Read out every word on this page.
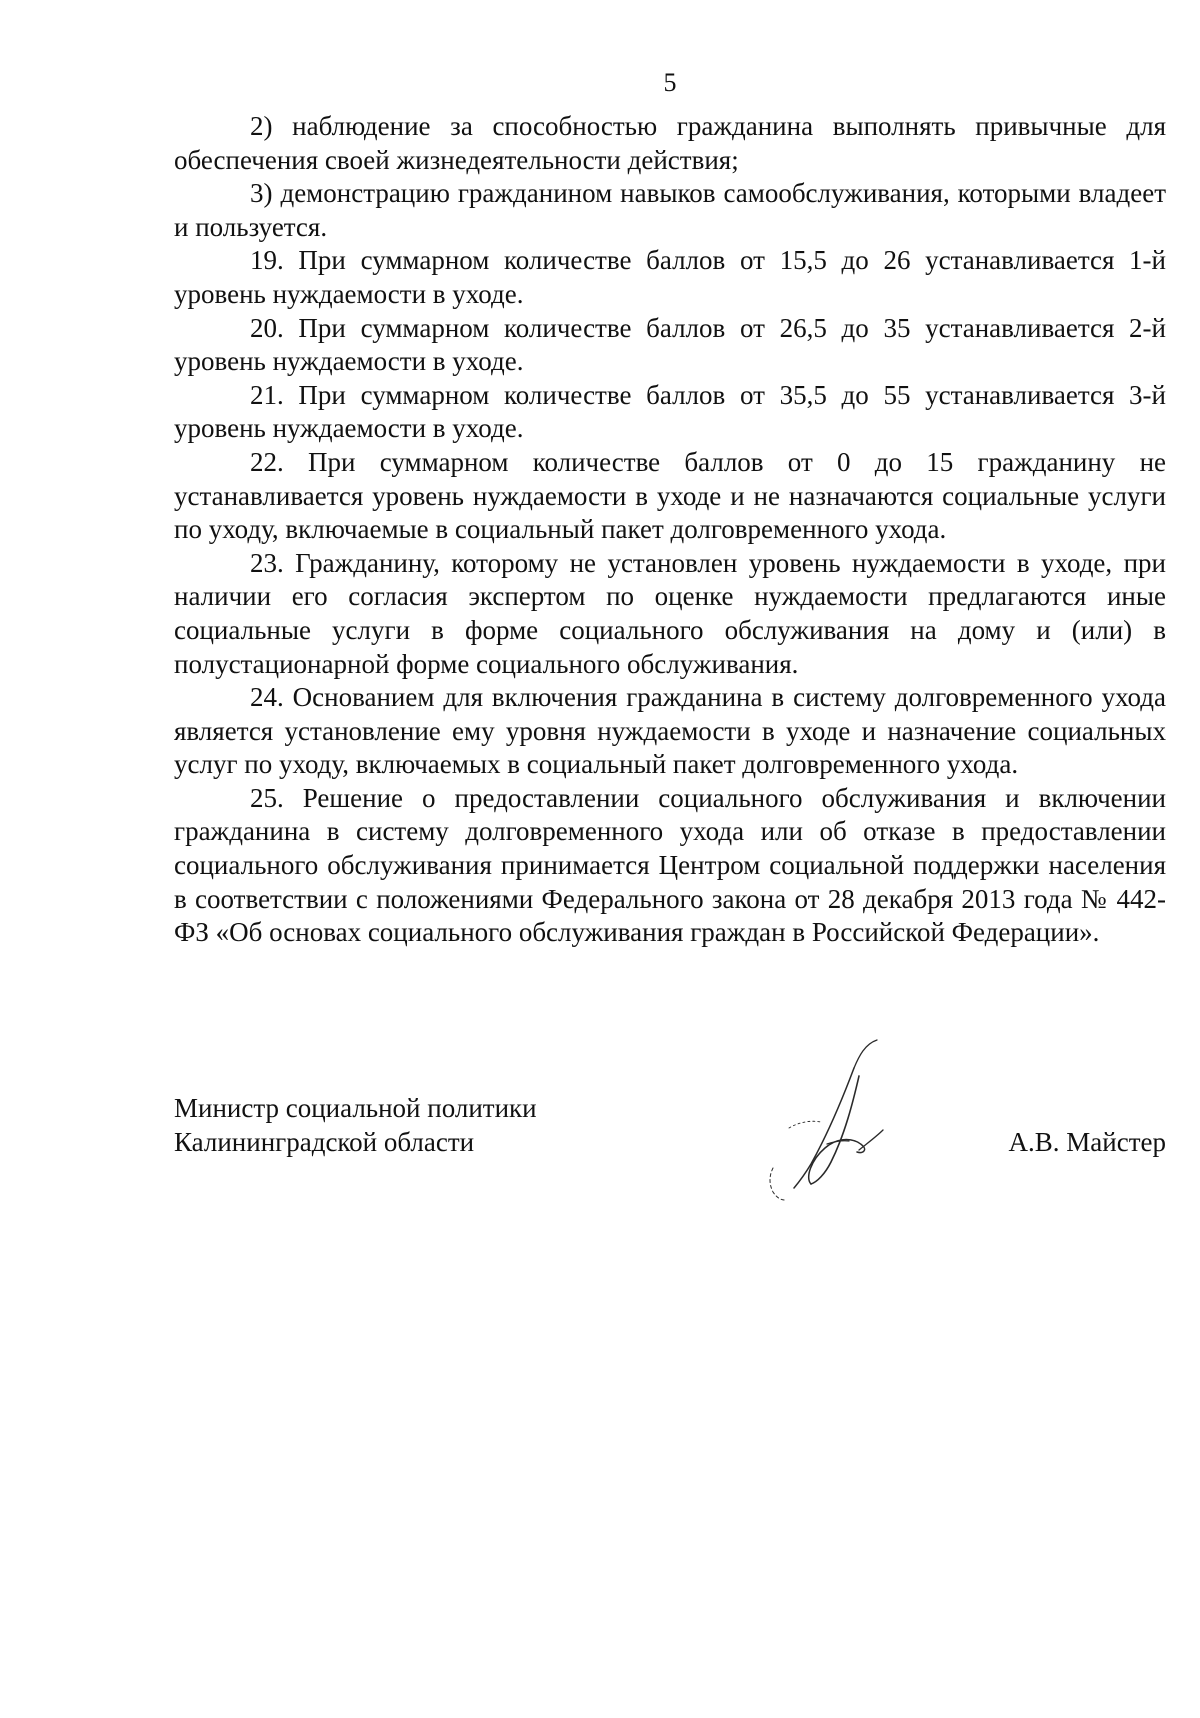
5

2) наблюдение за способностью гражданина выполнять привычные для обеспечения своей жизнедеятельности действия;

3) демонстрацию гражданином навыков самообслуживания, которыми владеет и пользуется.

19. При суммарном количестве баллов от 15,5 до 26 устанавливается 1-й уровень нуждаемости в уходе.

20. При суммарном количестве баллов от 26,5 до 35 устанавливается 2-й уровень нуждаемости в уходе.

21. При суммарном количестве баллов от 35,5 до 55 устанавливается 3-й уровень нуждаемости в уходе.

22. При суммарном количестве баллов от 0 до 15 гражданину не устанавливается уровень нуждаемости в уходе и не назначаются социальные услуги по уходу, включаемые в социальный пакет долговременного ухода.

23. Гражданину, которому не установлен уровень нуждаемости в уходе, при наличии его согласия экспертом по оценке нуждаемости предлагаются иные социальные услуги в форме социального обслуживания на дому и (или) в полустационарной форме социального обслуживания.

24. Основанием для включения гражданина в систему долговременного ухода является установление ему уровня нуждаемости в уходе и назначение социальных услуг по уходу, включаемых в социальный пакет долговременного ухода.

25. Решение о предоставлении социального обслуживания и включении гражданина в систему долговременного ухода или об отказе в предоставлении социального обслуживания принимается Центром социальной поддержки населения в соответствии с положениями Федерального закона от 28 декабря 2013 года № 442-ФЗ «Об основах социального обслуживания граждан в Российской Федерации».

Министр социальной политики
Калининградской области	А.В. Майстер
